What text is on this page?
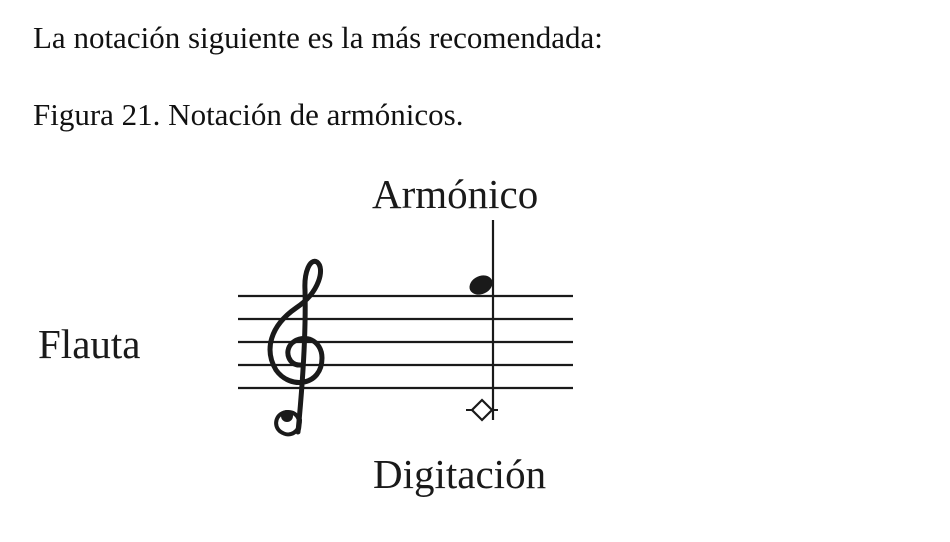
La notación siguiente es la más recomendada:

Figura 21. Notación de armónicos.

Armónico
Flauta
Digitación
